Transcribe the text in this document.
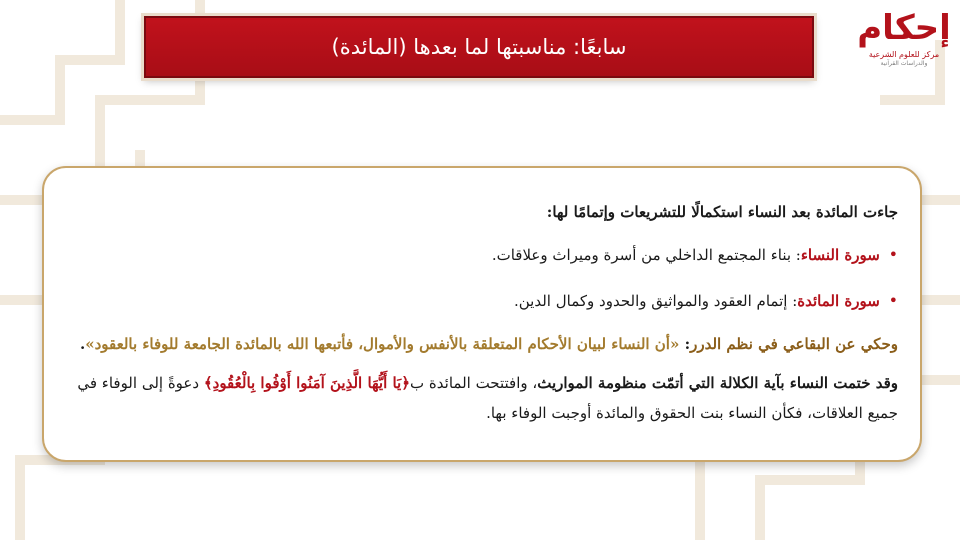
سابعًا: مناسبتها لما بعدها (المائدة)	إحكام
مركز للعلوم الشرعية
والدراسات القرآنية

جاءت المائدة بعد النساء استكمالًا للتشريعات وإتمامًا لها:

• سورة النساء: بناء المجتمع الداخلي من أسرة وميراث وعلاقات.

• سورة المائدة: إتمام العقود والمواثيق والحدود وكمال الدين.

وحكي عن البقاعي في نظم الدرر: «أن النساء لبيان الأحكام المتعلقة بالأنفس والأموال، فأتبعها الله بالمائدة الجامعة للوفاء بالعقود».

وقد ختمت النساء بآية الكلالة التي أتمّت منظومة المواريث، وافتتحت المائدة ب﴿يَا أَيُّهَا الَّذِينَ آمَنُوا أَوْفُوا بِالْعُقُودِ﴾ دعوةً إلى الوفاء في جميع العلاقات، فكأن النساء بنت الحقوق والمائدة أوجبت الوفاء بها.
